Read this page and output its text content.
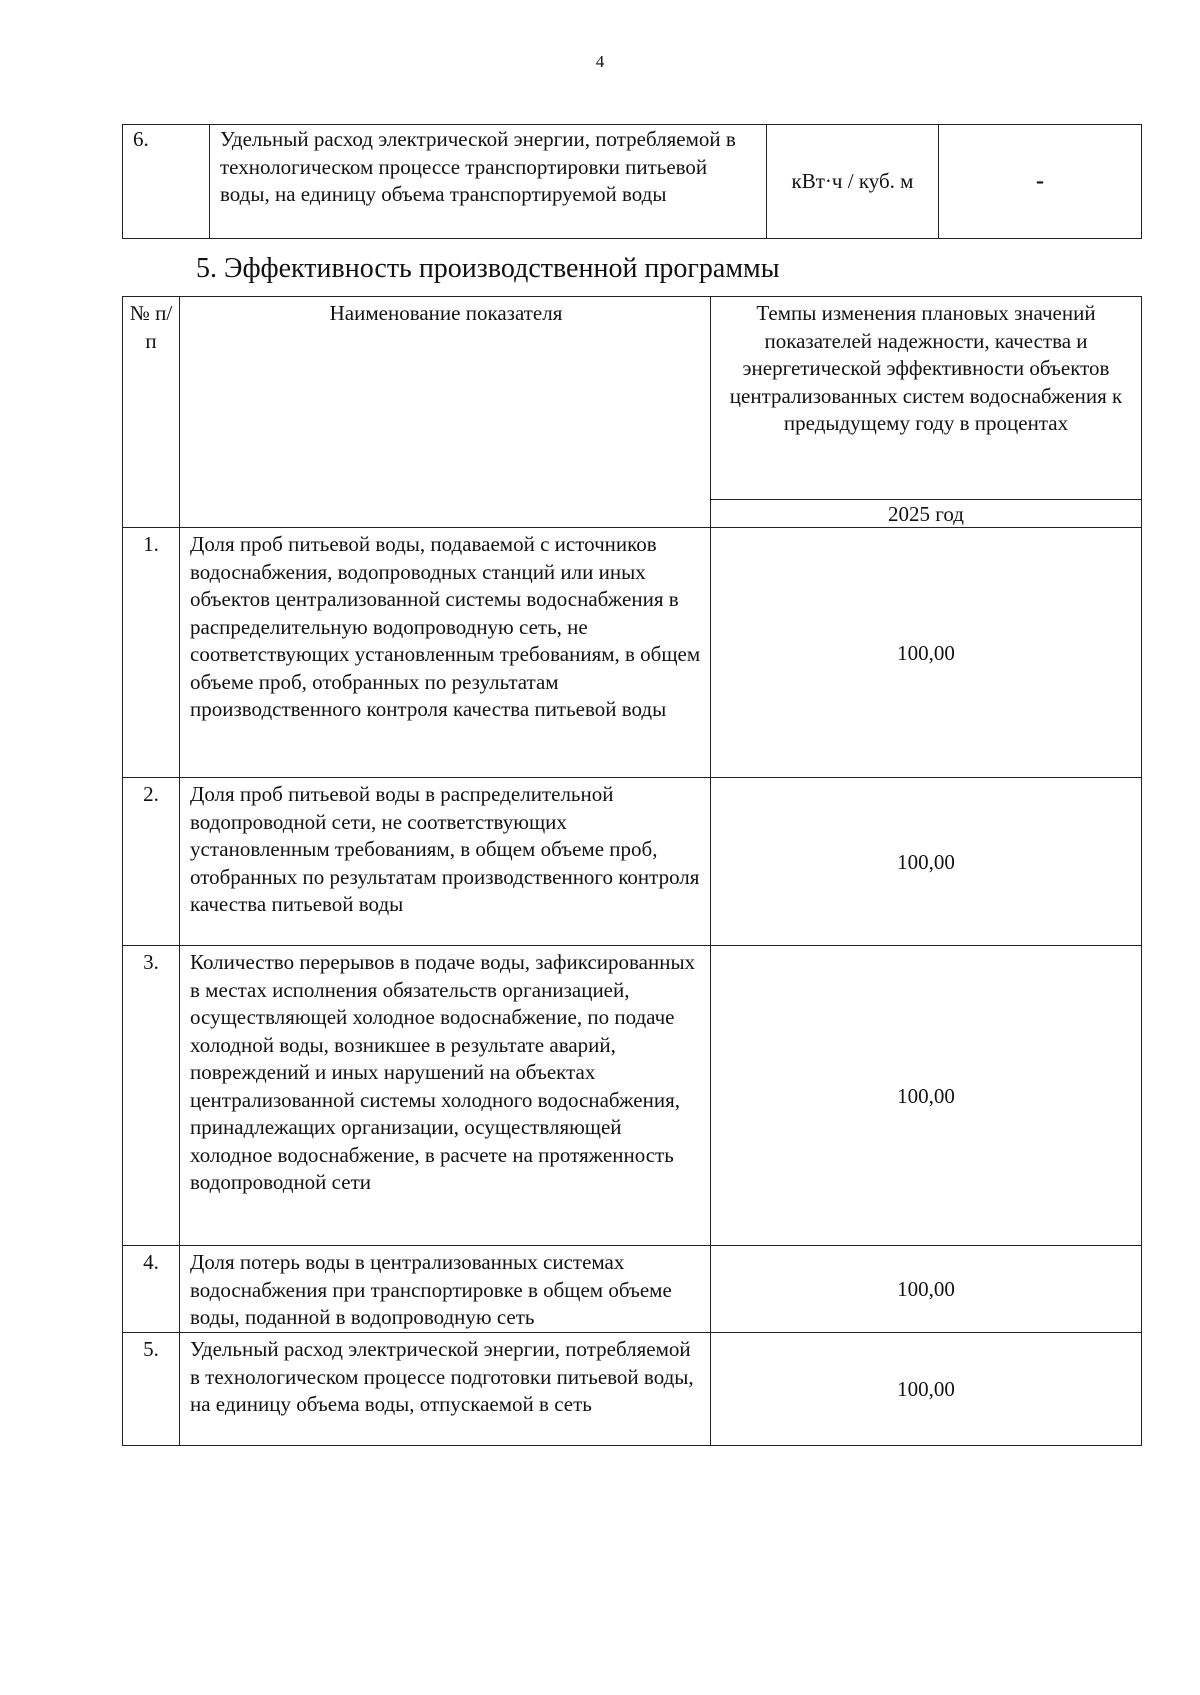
4
6.	Удельный расход электрической энергии, потребляемой в технологическом процессе транспортировки питьевой воды, на единицу объема транспортируемой воды	кВт·ч / куб. м	-
5. Эффективность производственной программы
№ п/п	Наименование показателя	Темпы изменения плановых значений показателей надежности, качества и энергетической эффективности объектов централизованных систем водоснабжения к предыдущему году в процентах
		2025 год
1.	Доля проб питьевой воды, подаваемой с источников водоснабжения, водопроводных станций или иных объектов централизованной системы водоснабжения в распределительную водопроводную сеть, не соответствующих установленным требованиям, в общем объеме проб, отобранных по результатам производственного контроля качества питьевой воды	100,00
2.	Доля проб питьевой воды в распределительной водопроводной сети, не соответствующих установленным требованиям, в общем объеме проб, отобранных по результатам производственного контроля качества питьевой воды	100,00
3.	Количество перерывов в подаче воды, зафиксированных в местах исполнения обязательств организацией, осуществляющей холодное водоснабжение, по подаче холодной воды, возникшее в результате аварий, повреждений и иных нарушений на объектах централизованной системы холодного водоснабжения, принадлежащих организации, осуществляющей холодное водоснабжение, в расчете на протяженность водопроводной сети	100,00
4.	Доля потерь воды в централизованных системах водоснабжения при транспортировке в общем объеме воды, поданной в водопроводную сеть	100,00
5.	Удельный расход электрической энергии, потребляемой в технологическом процессе подготовки питьевой воды, на единицу объема воды, отпускаемой в сеть	100,00
